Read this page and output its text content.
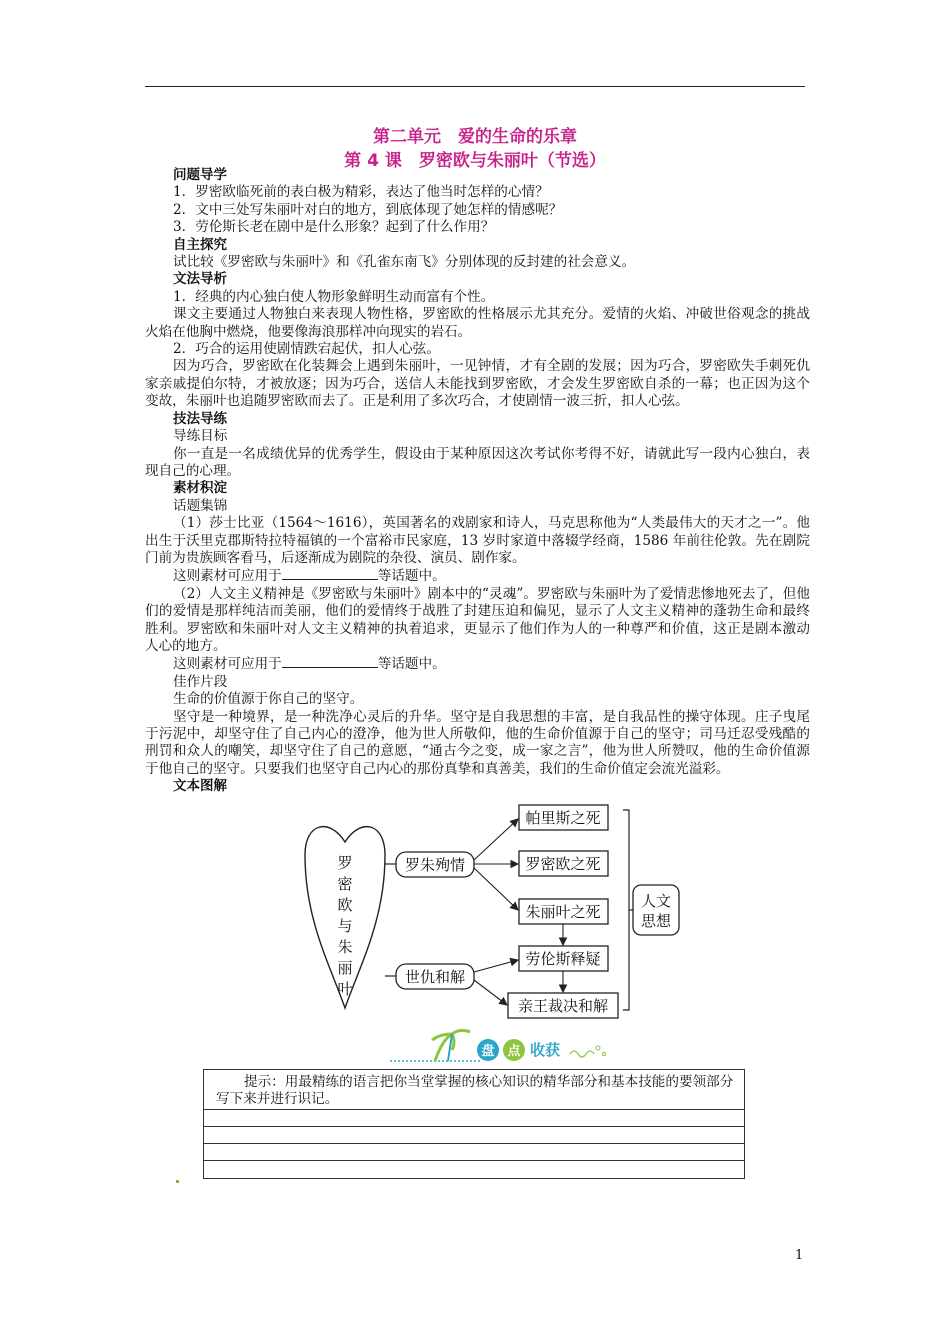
第二单元　爱的生命的乐章
第 4 课　罗密欧与朱丽叶（节选）

问题导学

1．罗密欧临死前的表白极为精彩，表达了他当时怎样的心情？

2．文中三处写朱丽叶对白的地方，到底体现了她怎样的情感呢？

3．劳伦斯长老在剧中是什么形象？起到了什么作用？

自主探究

试比较《罗密欧与朱丽叶》和《孔雀东南飞》分别体现的反封建的社会意义。

文法导析

1．经典的内心独白使人物形象鲜明生动而富有个性。

课文主要通过人物独白来表现人物性格，罗密欧的性格展示尤其充分。爱情的火焰、冲破世俗观念的挑战火焰在他胸中燃烧，他要像海浪那样冲向现实的岩石。

2．巧合的运用使剧情跌宕起伏，扣人心弦。

因为巧合，罗密欧在化装舞会上遇到朱丽叶，一见钟情，才有全剧的发展；因为巧合，罗密欧失手刺死仇家亲戚提伯尔特，才被放逐；因为巧合，送信人未能找到罗密欧，才会发生罗密欧自杀的一幕；也正因为这个变故，朱丽叶也追随罗密欧而去了。正是利用了多次巧合，才使剧情一波三折，扣人心弦。

技法导练

导练目标

你一直是一名成绩优异的优秀学生，假设由于某种原因这次考试你考得不好，请就此写一段内心独白，表现自己的心理。

素材积淀

话题集锦

（1）莎士比亚（1564～1616），英国著名的戏剧家和诗人，马克思称他为“人类最伟大的天才之一”。他出生于沃里克郡斯特拉特福镇的一个富裕市民家庭，13 岁时家道中落辍学经商，1586 年前往伦敦。先在剧院门前为贵族顾客看马，后逐渐成为剧院的杂役、演员、剧作家。

这则素材可应用于	等话题中。

（2）人文主义精神是《罗密欧与朱丽叶》剧本中的“灵魂”。罗密欧与朱丽叶为了爱情悲惨地死去了，但他们的爱情是那样纯洁而美丽，他们的爱情终于战胜了封建压迫和偏见，显示了人文主义精神的蓬勃生命和最终胜利。罗密欧和朱丽叶对人文主义精神的执着追求，更显示了他们作为人的一种尊严和价值，这正是剧本激动人心的地方。

这则素材可应用于	等话题中。

佳作片段

生命的价值源于你自己的坚守。

坚守是一种境界，是一种洗净心灵后的升华。坚守是自我思想的丰富，是自我品性的操守体现。庄子曳尾于污泥中，却坚守住了自己内心的澄净，他为世人所敬仰，他的生命价值源于自己的坚守；司马迁忍受残酷的刑罚和众人的嘲笑，却坚守住了自己的意愿，“通古今之变，成一家之言”，他为世人所赞叹，他的生命价值源于他自己的坚守。只要我们也坚守自己内心的那份真挚和真善美，我们的生命价值定会流光溢彩。

文本图解

罗
密
欧
与
朱
丽
叶
罗朱殉情
世仇和解
帕里斯之死
罗密欧之死
朱丽叶之死
劳伦斯释疑
亲王裁决和解
人文
思想
盘 点 收获

提示：用最精练的语言把你当堂掌握的核心知识的精华部分和基本技能的要领部分写下来并进行识记。

1
